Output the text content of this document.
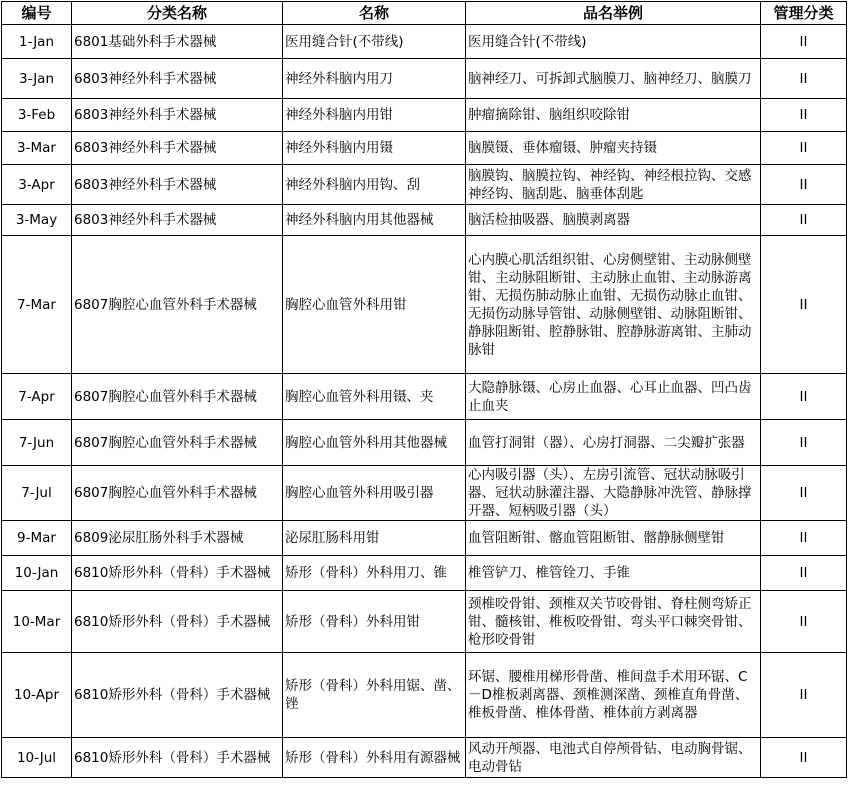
编号	分类名称	名称	品名举例	管理分类
1-Jan	6801基础外科手术器械	医用缝合针(不带线)	医用缝合针(不带线)	II
3-Jan	6803神经外科手术器械	神经外科脑内用刀	脑神经刀、可拆卸式脑膜刀、脑神经刀、脑膜刀	II
3-Feb	6803神经外科手术器械	神经外科脑内用钳	肿瘤摘除钳、脑组织咬除钳	II
3-Mar	6803神经外科手术器械	神经外科脑内用镊	脑膜镊、垂体瘤镊、肿瘤夹持镊	II
3-Apr	6803神经外科手术器械	神经外科脑内用钩、刮	脑膜钩、脑膜拉钩、神经钩、神经根拉钩、交感神经钩、脑刮匙、脑垂体刮匙	II
3-May	6803神经外科手术器械	神经外科脑内用其他器械	脑活检抽吸器、脑膜剥离器	II
7-Mar	6807胸腔心血管外科手术器械	胸腔心血管外科用钳	心内膜心肌活组织钳、心房侧壁钳、主动脉侧壁钳、主动脉阻断钳、主动脉止血钳、主动脉游离钳、无损伤肺动脉止血钳、无损伤动脉止血钳、无损伤动脉导管钳、动脉侧壁钳、动脉阻断钳、静脉阻断钳、腔静脉钳、腔静脉游离钳、主肺动脉钳	II
7-Apr	6807胸腔心血管外科手术器械	胸腔心血管外科用镊、夹	大隐静脉镊、心房止血器、心耳止血器、凹凸齿止血夹	II
7-Jun	6807胸腔心血管外科手术器械	胸腔心血管外科用其他器械	血管打洞钳（器）、心房打洞器、二尖瓣扩张器	II
7-Jul	6807胸腔心血管外科手术器械	胸腔心血管外科用吸引器	心内吸引器（头）、左房引流管、冠状动脉吸引器、冠状动脉灌注器、大隐静脉冲洗管、静脉撑开器、短柄吸引器（头）	II
9-Mar	6809泌尿肛肠外科手术器械	泌尿肛肠科用钳	血管阻断钳、髂血管阻断钳、髂静脉侧壁钳	II
10-Jan	6810矫形外科（骨科）手术器械	矫形（骨科）外科用刀、锥	椎管铲刀、椎管铨刀、手锥	II
10-Mar	6810矫形外科（骨科）手术器械	矫形（骨科）外科用钳	颈椎咬骨钳、颈椎双关节咬骨钳、脊柱侧弯矫正钳、髓核钳、椎板咬骨钳、弯头平口棘突骨钳、枪形咬骨钳	II
10-Apr	6810矫形外科（骨科）手术器械	矫形（骨科）外科用锯、凿、锉	环锯、腰椎用梯形骨凿、椎间盘手术用环锯、C－D椎板剥离器、颈椎测深凿、颈椎直角骨凿、椎板骨凿、椎体骨凿、椎体前方剥离器	II
10-Jul	6810矫形外科（骨科）手术器械	矫形（骨科）外科用有源器械	风动开颅器、电池式自停颅骨钻、电动胸骨锯、电动骨钻	II
